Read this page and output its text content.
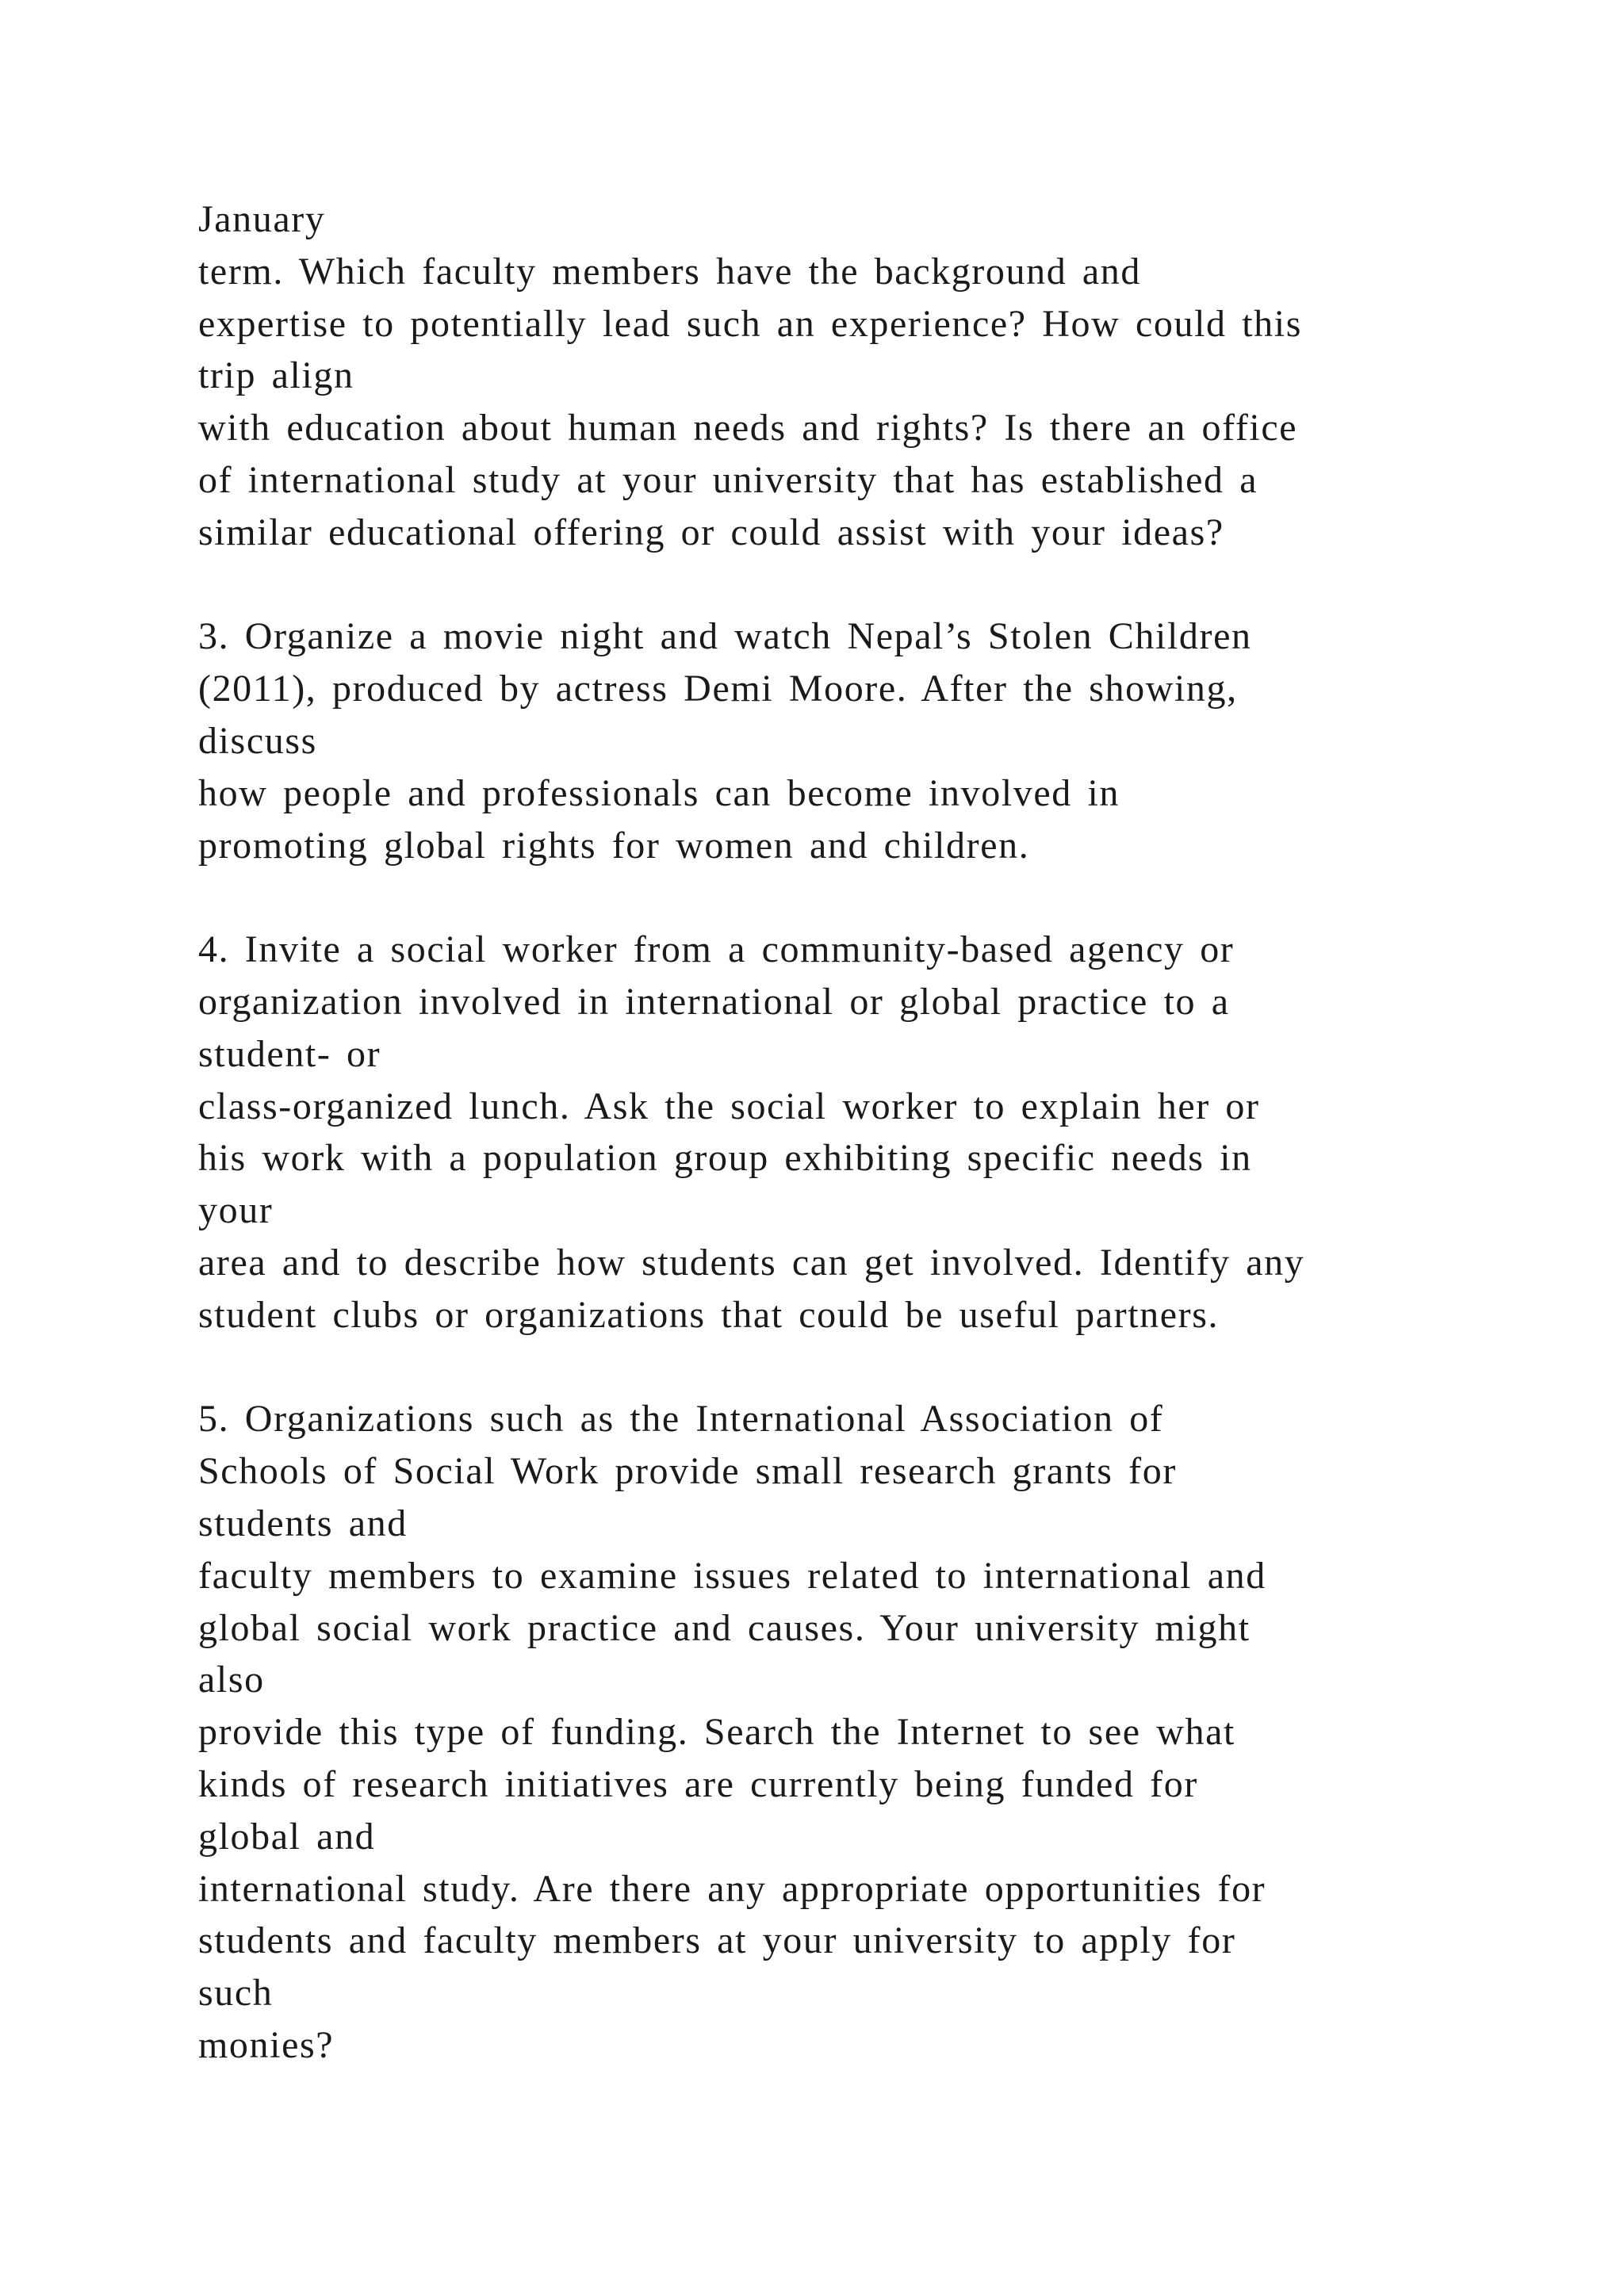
January
term. Which faculty members have the background and
expertise to potentially lead such an experience? How could this
trip align
with education about human needs and rights? Is there an office
of international study at your university that has established a
similar educational offering or could assist with your ideas?
3. Organize a movie night and watch Nepal’s Stolen Children
(2011), produced by actress Demi Moore. After the showing,
discuss
how people and professionals can become involved in
promoting global rights for women and children.
4. Invite a social worker from a community-based agency or
organization involved in international or global practice to a
student- or
class-organized lunch. Ask the social worker to explain her or
his work with a population group exhibiting specific needs in
your
area and to describe how students can get involved. Identify any
student clubs or organizations that could be useful partners.
5. Organizations such as the International Association of
Schools of Social Work provide small research grants for
students and
faculty members to examine issues related to international and
global social work practice and causes. Your university might
also
provide this type of funding. Search the Internet to see what
kinds of research initiatives are currently being funded for
global and
international study. Are there any appropriate opportunities for
students and faculty members at your university to apply for
such
monies?
